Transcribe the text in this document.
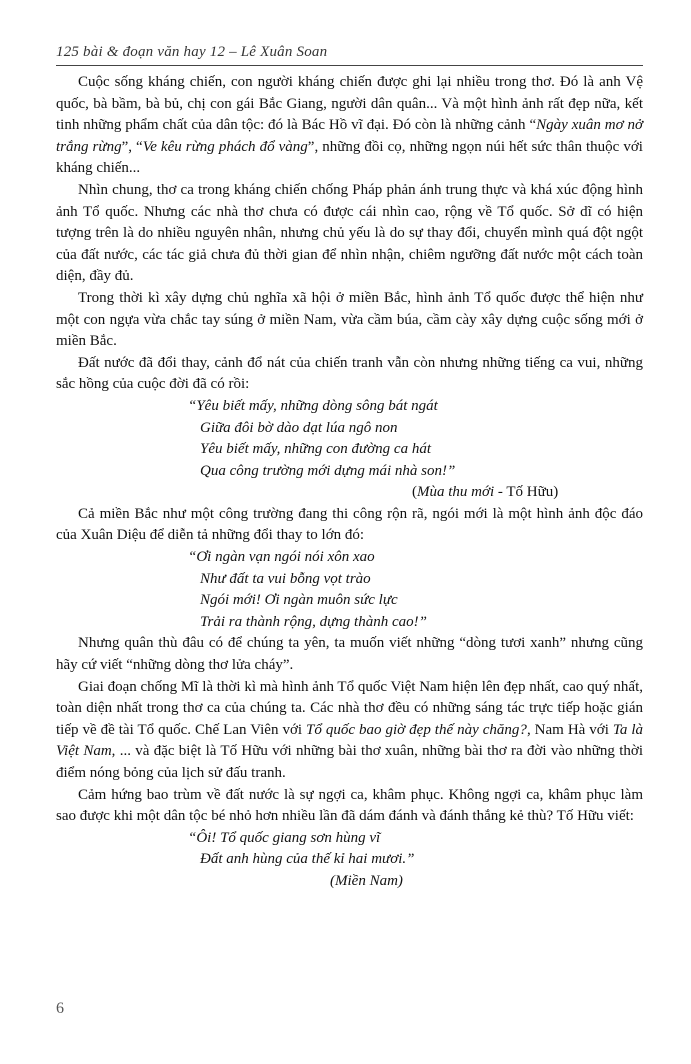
125 bài & đoạn văn hay 12 – Lê Xuân Soan

Cuộc sống kháng chiến, con người kháng chiến được ghi lại nhiều trong thơ. Đó là anh Vệ quốc, bà bầm, bà bủ, chị con gái Bắc Giang, người dân quân... Và một hình ảnh rất đẹp nữa, kết tinh những phẩm chất của dân tộc: đó là Bác Hồ vĩ đại. Đó còn là những cảnh “Ngày xuân mơ nở trắng rừng”, “Ve kêu rừng phách đổ vàng”, những đồi cọ, những ngọn núi hết sức thân thuộc với kháng chiến...

Nhìn chung, thơ ca trong kháng chiến chống Pháp phản ánh trung thực và khá xúc động hình ảnh Tổ quốc. Nhưng các nhà thơ chưa có được cái nhìn cao, rộng về Tổ quốc. Sở dĩ có hiện tượng trên là do nhiều nguyên nhân, nhưng chủ yếu là do sự thay đổi, chuyển mình quá đột ngột của đất nước, các tác giả chưa đủ thời gian để nhìn nhận, chiêm ngưỡng đất nước một cách toàn diện, đầy đủ.

Trong thời kì xây dựng chủ nghĩa xã hội ở miền Bắc, hình ảnh Tổ quốc được thể hiện như một con ngựa vừa chắc tay súng ở miền Nam, vừa cầm búa, cầm cày xây dựng cuộc sống mới ở miền Bắc.

Đất nước đã đổi thay, cảnh đổ nát của chiến tranh vẫn còn nhưng những tiếng ca vui, những sắc hồng của cuộc đời đã có rồi:

“Yêu biết mấy, những dòng sông bát ngát
Giữa đôi bờ dào dạt lúa ngô non
Yêu biết mấy, những con đường ca hát
Qua công trường mới dựng mái nhà son!”
(Mùa thu mới - Tố Hữu)

Cả miền Bắc như một công trường đang thi công rộn rã, ngói mới là một hình ảnh độc đáo của Xuân Diệu để diễn tả những đổi thay to lớn đó:

“Ơi ngàn vạn ngói nói xôn xao
Như đất ta vui bỗng vọt trào
Ngói mới! Ơi ngàn muôn sức lực
Trải ra thành rộng, dựng thành cao!”

Nhưng quân thù đâu có để chúng ta yên, ta muốn viết những “dòng tươi xanh” nhưng cũng hãy cứ viết “những dòng thơ lửa cháy”.

Giai đoạn chống Mĩ là thời kì mà hình ảnh Tổ quốc Việt Nam hiện lên đẹp nhất, cao quý nhất, toàn diện nhất trong thơ ca của chúng ta. Các nhà thơ đều có những sáng tác trực tiếp hoặc gián tiếp về đề tài Tổ quốc. Chế Lan Viên với Tổ quốc bao giờ đẹp thế này chăng?, Nam Hà với Ta là Việt Nam, ... và đặc biệt là Tố Hữu với những bài thơ xuân, những bài thơ ra đời vào những thời điểm nóng bỏng của lịch sử đấu tranh.

Cảm hứng bao trùm về đất nước là sự ngợi ca, khâm phục. Không ngợi ca, khâm phục làm sao được khi một dân tộc bé nhỏ hơn nhiều lần đã dám đánh và đánh thắng kẻ thù? Tố Hữu viết:

“Ôi! Tổ quốc giang sơn hùng vĩ
Đất anh hùng của thế kỉ hai mươi.”
(Miền Nam)
6
